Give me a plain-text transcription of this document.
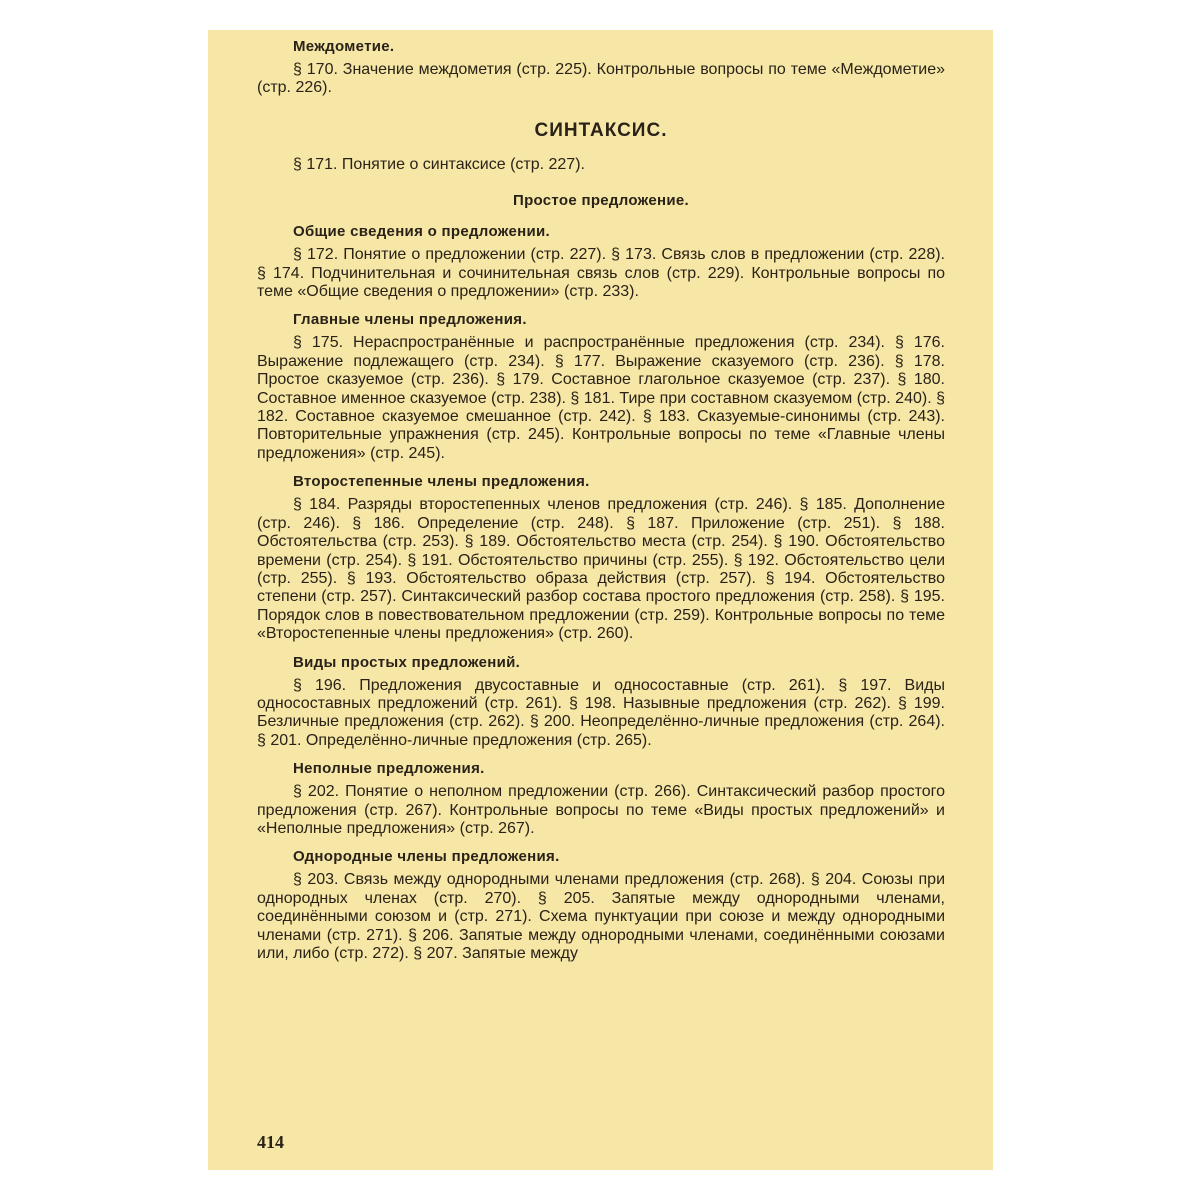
Междометие.
§ 170. Значение междометия (стр. 225). Контрольные вопросы по теме «Междометие» (стр. 226).
СИНТАКСИС.
§ 171. Понятие о синтаксисе (стр. 227).
Простое предложение.
Общие сведения о предложении.
§ 172. Понятие о предложении (стр. 227). § 173. Связь слов в предложении (стр. 228). § 174. Подчинительная и сочинительная связь слов (стр. 229). Контрольные вопросы по теме «Общие сведения о предложении» (стр. 233).
Главные члены предложения.
§ 175. Нераспространённые и распространённые предложения (стр. 234). § 176. Выражение подлежащего (стр. 234). § 177. Выражение сказуемого (стр. 236). § 178. Простое сказуемое (стр. 236). § 179. Составное глагольное сказуемое (стр. 237). § 180. Составное именное сказуемое (стр. 238). § 181. Тире при составном сказуемом (стр. 240). § 182. Составное сказуемое смешанное (стр. 242). § 183. Сказуемые-синонимы (стр. 243). Повторительные упражнения (стр. 245). Контрольные вопросы по теме «Главные члены предложения» (стр. 245).
Второстепенные члены предложения.
§ 184. Разряды второстепенных членов предложения (стр. 246). § 185. Дополнение (стр. 246). § 186. Определение (стр. 248). § 187. Приложение (стр. 251). § 188. Обстоятельства (стр. 253). § 189. Обстоятельство места (стр. 254). § 190. Обстоятельство времени (стр. 254). § 191. Обстоятельство причины (стр. 255). § 192. Обстоятельство цели (стр. 255). § 193. Обстоятельство образа действия (стр. 257). § 194. Обстоятельство степени (стр. 257). Синтаксический разбор состава простого предложения (стр. 258). § 195. Порядок слов в повествовательном предложении (стр. 259). Контрольные вопросы по теме «Второстепенные члены предложения» (стр. 260).
Виды простых предложений.
§ 196. Предложения двусоставные и односоставные (стр. 261). § 197. Виды односоставных предложений (стр. 261). § 198. Назывные предложения (стр. 262). § 199. Безличные предложения (стр. 262). § 200. Неопределённо-личные предложения (стр. 264). § 201. Определённо-личные предложения (стр. 265).
Неполные предложения.
§ 202. Понятие о неполном предложении (стр. 266). Синтаксический разбор простого предложения (стр. 267). Контрольные вопросы по теме «Виды простых предложений» и «Неполные предложения» (стр. 267).
Однородные члены предложения.
§ 203. Связь между однородными членами предложения (стр. 268). § 204. Союзы при однородных членах (стр. 270). § 205. Запятые между однородными членами, соединёнными союзом и (стр. 271). Схема пунктуации при союзе и между однородными членами (стр. 271). § 206. Запятые между однородными членами, соединёнными союзами или, либо (стр. 272). § 207. Запятые между
414
